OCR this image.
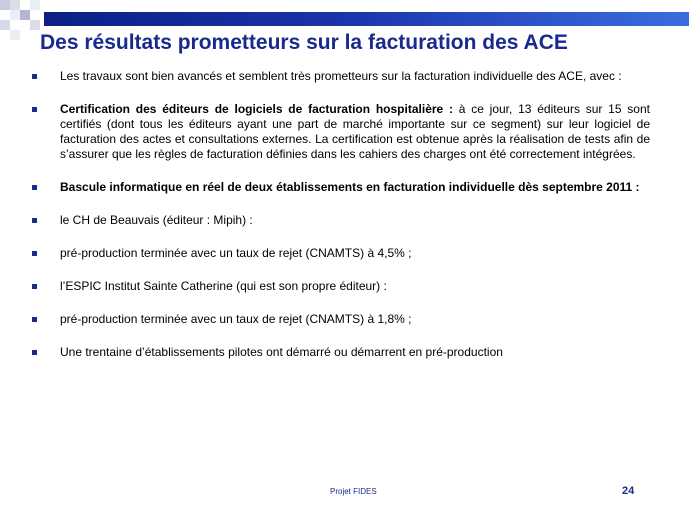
Des résultats prometteurs sur la facturation des ACE
Les travaux sont bien avancés et semblent très prometteurs sur la facturation individuelle des ACE, avec :
Certification des éditeurs de logiciels de facturation hospitalière : à ce jour, 13 éditeurs sur 15 sont certifiés (dont tous les éditeurs ayant une part de marché importante sur ce segment) sur leur logiciel de facturation des actes et consultations externes. La certification est obtenue après la réalisation de tests afin de s’assurer que les règles de facturation définies dans les cahiers des charges ont été correctement intégrées.
Bascule informatique en réel de deux établissements en facturation individuelle dès septembre 2011 :
le CH de Beauvais (éditeur : Mipih) :
pré-production terminée avec un taux de rejet (CNAMTS) à 4,5% ;
l’ESPIC Institut Sainte Catherine (qui est son propre éditeur) :
pré-production terminée avec un taux de rejet (CNAMTS) à 1,8% ;
Une trentaine d’établissements pilotes ont démarré ou démarrent en pré-production
Projet FIDES	24
